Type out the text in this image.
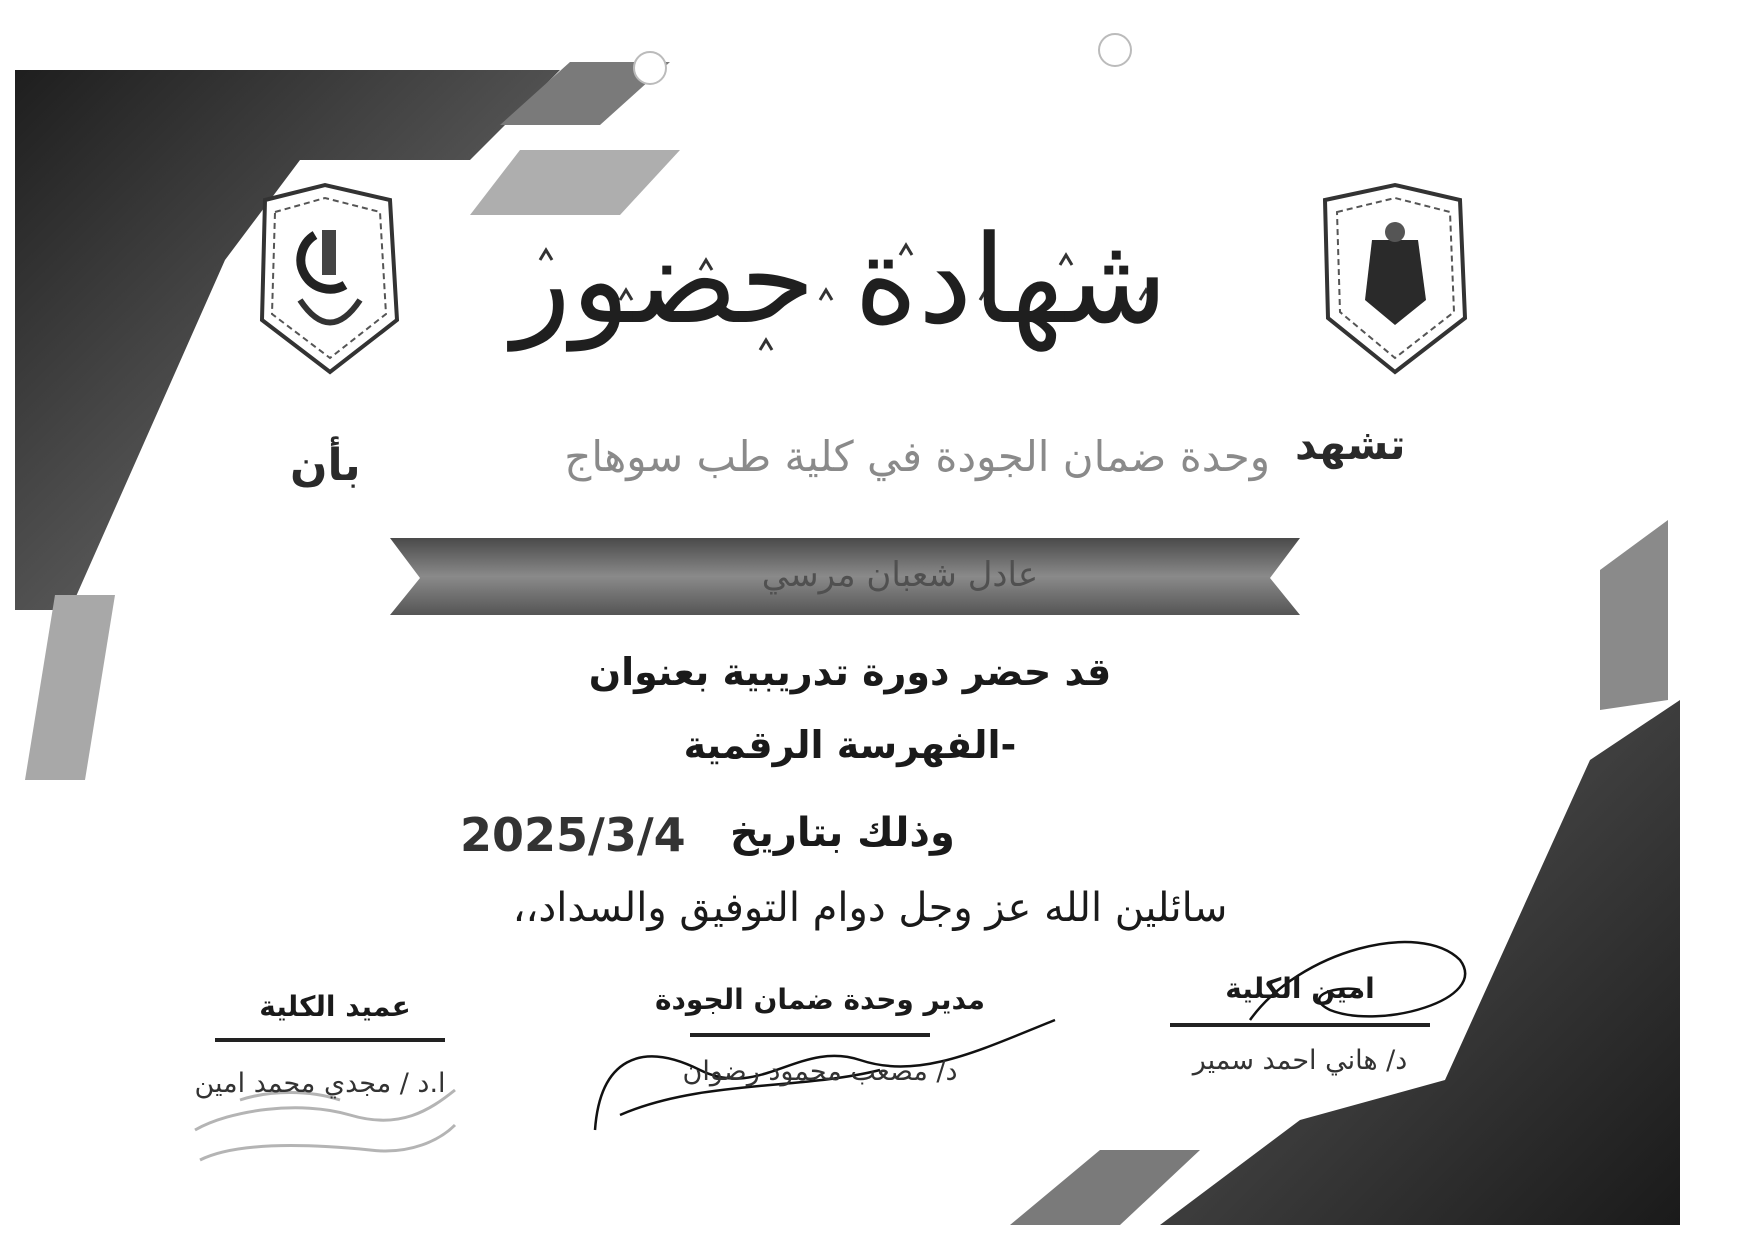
شهادة حضور
تشهد
وحدة ضمان الجودة في كلية طب سوهاج
بأن
عادل شعبان مرسي
قد حضر دورة تدريبية بعنوان
-الفهرسة الرقمية
وذلك بتاريخ
2025/3/4
سائلين الله عز وجل دوام التوفيق والسداد،،
امين الكلية
د/ هاني احمد سمير
مدير وحدة ضمان الجودة
د/ مصعب محمود رضوان
عميد الكلية
ا.د / مجدي محمد امين
